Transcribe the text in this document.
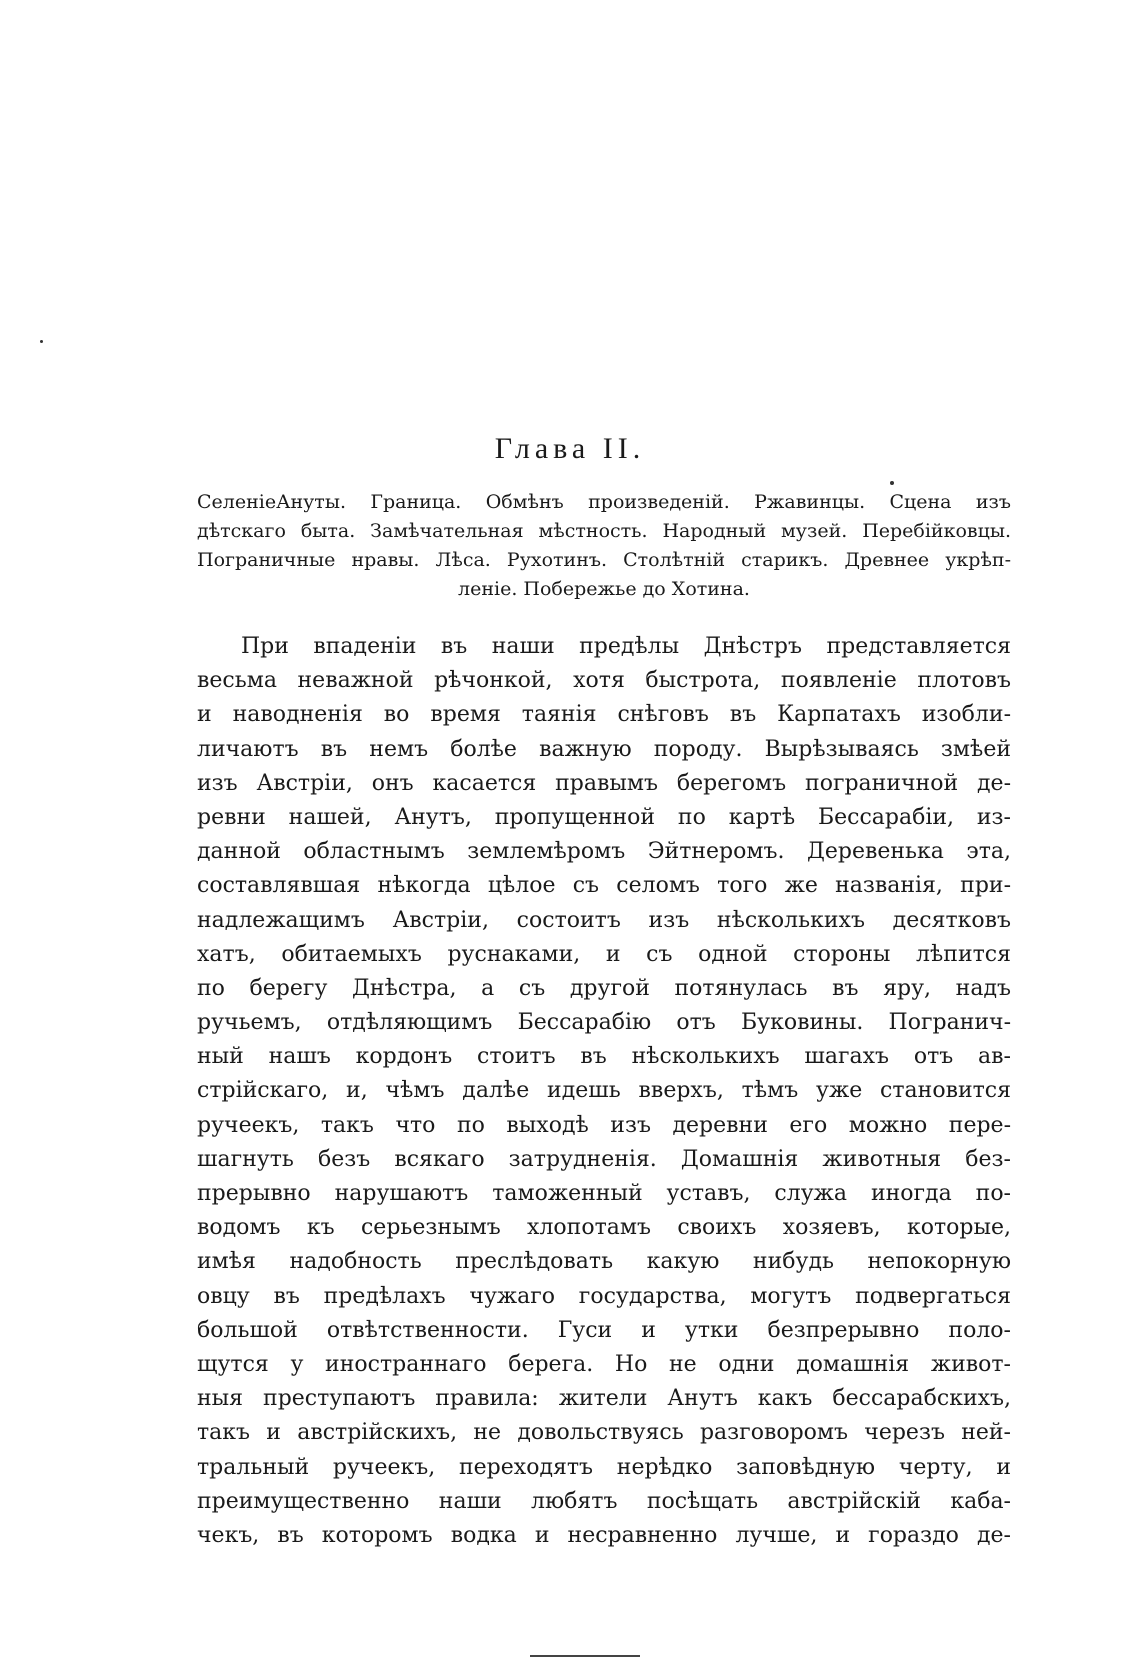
Глава II.
СеленіеАнуты. Граница. Обмѣнъ произведеній. Ржавинцы. Сцена изъ
дѣтскаго быта. Замѣчательная мѣстность. Народный музей. Перебійковцы.
Пограничные нравы. Лѣса. Рухотинъ. Столѣтній старикъ. Древнее укрѣп-
леніе. Побережье до Хотина.
При впаденіи въ наши предѣлы Днѣстръ представляется
весьма неважной рѣчонкой, хотя быстрота, появленіе плотовъ
и наводненія во время таянія снѣговъ въ Карпатахъ изобли-
личаютъ въ немъ болѣе важную породу. Вырѣзываясь змѣей
изъ Австріи, онъ касается правымъ берегомъ пограничной де-
ревни нашей, Анутъ, пропущенной по картѣ Бессарабіи, из-
данной областнымъ землемѣромъ Эйтнеромъ. Деревенька эта,
составлявшая нѣкогда цѣлое съ селомъ того же названія, при-
надлежащимъ Австріи, состоитъ изъ нѣсколькихъ десятковъ
хатъ, обитаемыхъ руснаками, и съ одной стороны лѣпится
по берегу Днѣстра, а съ другой потянулась въ яру, надъ
ручьемъ, отдѣляющимъ Бессарабію отъ Буковины. Погранич-
ный нашъ кордонъ стоитъ въ нѣсколькихъ шагахъ отъ ав-
стрійскаго, и, чѣмъ далѣе идешь вверхъ, тѣмъ уже становится
ручеекъ, такъ что по выходѣ изъ деревни его можно пере-
шагнуть безъ всякаго затрудненія. Домашнія животныя без-
прерывно нарушаютъ таможенный уставъ, служа иногда по-
водомъ къ серьезнымъ хлопотамъ своихъ хозяевъ, которые,
имѣя надобность преслѣдовать какую нибудь непокорную
овцу въ предѣлахъ чужаго государства, могутъ подвергаться
большой отвѣтственности. Гуси и утки безпрерывно поло-
щутся у иностраннаго берега. Но не одни домашнія живот-
ныя преступаютъ правила: жители Анутъ какъ бессарабскихъ,
такъ и австрійскихъ, не довольствуясь разговоромъ черезъ ней-
тральный ручеекъ, переходятъ нерѣдко заповѣдную черту, и
преимущественно наши любятъ посѣщать австрійскій каба-
чекъ, въ которомъ водка и несравненно лучше, и гораздо де-
